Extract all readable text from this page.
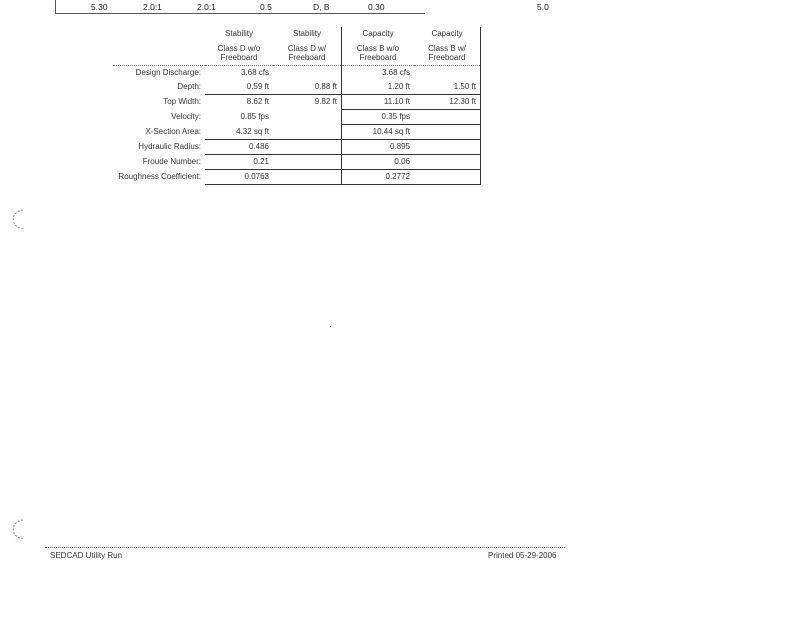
5.30	2.0:1	2.0:1	0.5	D, B	0.30	5.0
	Stability	Stability	Capacity	Capacity
	Class D w/o Freeboard	Class D w/ Freeboard	Class B w/o Freeboard	Class B w/ Freeboard
Design Discharge:	3.68 cfs		3.68 cfs	
Depth:	0.59 ft	0.88 ft	1.20 ft	1.50 ft
Top Width:	8.62 ft	9.82 ft	11.10 ft	12.30 ft
Velocity:	0.85 fps		0.35 fps	
X-Section Area:	4.32 sq ft		10.44 sq ft	
Hydraulic Radius:	0.486		0.895	
Froude Number:	0.21		0.06	
Roughness Coefficient:	0.0763		0.2772	
SEDCAD Utility Run	Printed 05-29-2006
